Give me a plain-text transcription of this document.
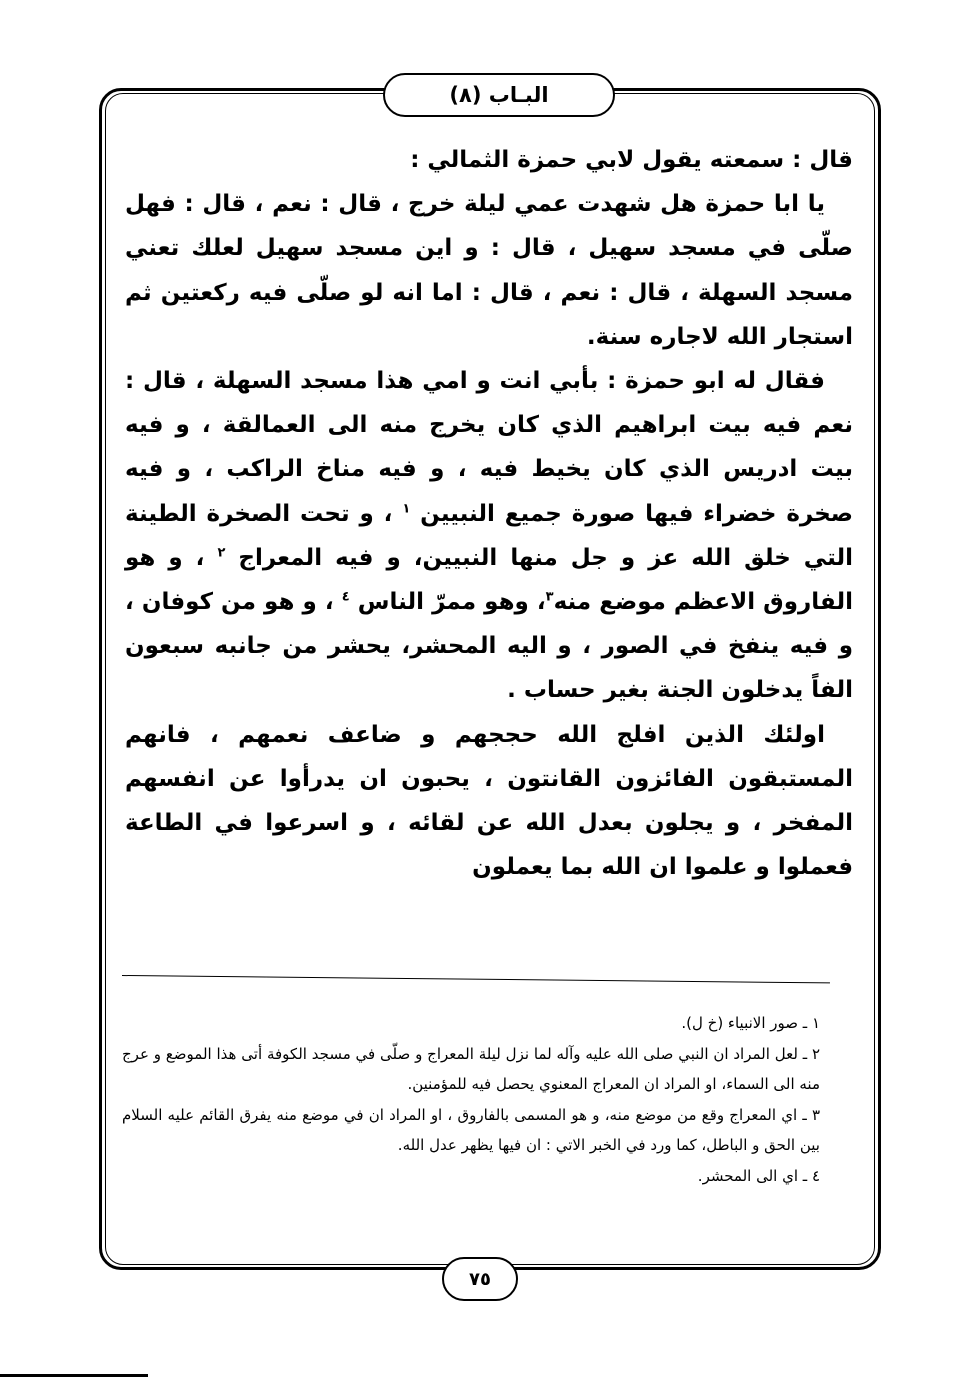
البـاب (٨)

قال : سمعته يقول لابي حمزة الثمالي :

يا ابا حمزة هل شهدت عمي ليلة خرج ، قال : نعم ، قال : فهل صلّى في مسجد سهيل ، قال : و اين مسجد سهيل لعلك تعني مسجد السهلة ، قال : نعم ، قال : اما انه لو صلّى فيه ركعتين ثم استجار الله لاجاره سنة.

فقال له ابو حمزة : بأبي انت و امي هذا مسجد السهلة ، قال : نعم فيه بيت ابراهيم الذي كان يخرج منه الى العمالقة ، و فيه بيت ادريس الذي كان يخيط فيه ، و فيه مناخ الراكب ، و فيه صخرة خضراء فيها صورة جميع النبيين $^١$ ، و تحت الصخرة الطينة التي خلق الله عز و جل منها النبيين، و فيه المعراج $^٢$ ، و هو الفاروق الاعظم موضع منه$^٣$، وهو ممرّ الناس $^٤$ ، و هو من كوفان ، و فيه ينفخ في الصور ، و اليه المحشر، يحشر من جانبه سبعون الفاً يدخلون الجنة بغير حساب .

اولئك الذين افلج الله حججهم و ضاعف نعمهم ، فانهم المستبقون الفائزون القانتون ، يحبون ان يدرأوا عن انفسهم المفخر ، و يجلون بعدل الله عن لقائه ، و اسرعوا في الطاعة فعملوا و علموا ان الله بما يعملون

١ ـ صور الانبياء (خ ل).

٢ ـ لعل المراد ان النبي صلى الله عليه وآله لما نزل ليلة المعراج و صلّى في مسجد الكوفة أتى هذا الموضع و عرج منه الى السماء، او المراد ان المعراج المعنوي يحصل فيه للمؤمنين.

٣ ـ اي المعراج وقع من موضع منه، و هو المسمى بالفاروق ، او المراد ان في موضع منه يفرق القائم عليه السلام بين الحق و الباطل، كما ورد في الخبر الاتي : ان فيها يظهر عدل الله.

٤ ـ اي الى المحشر.

٧٥
